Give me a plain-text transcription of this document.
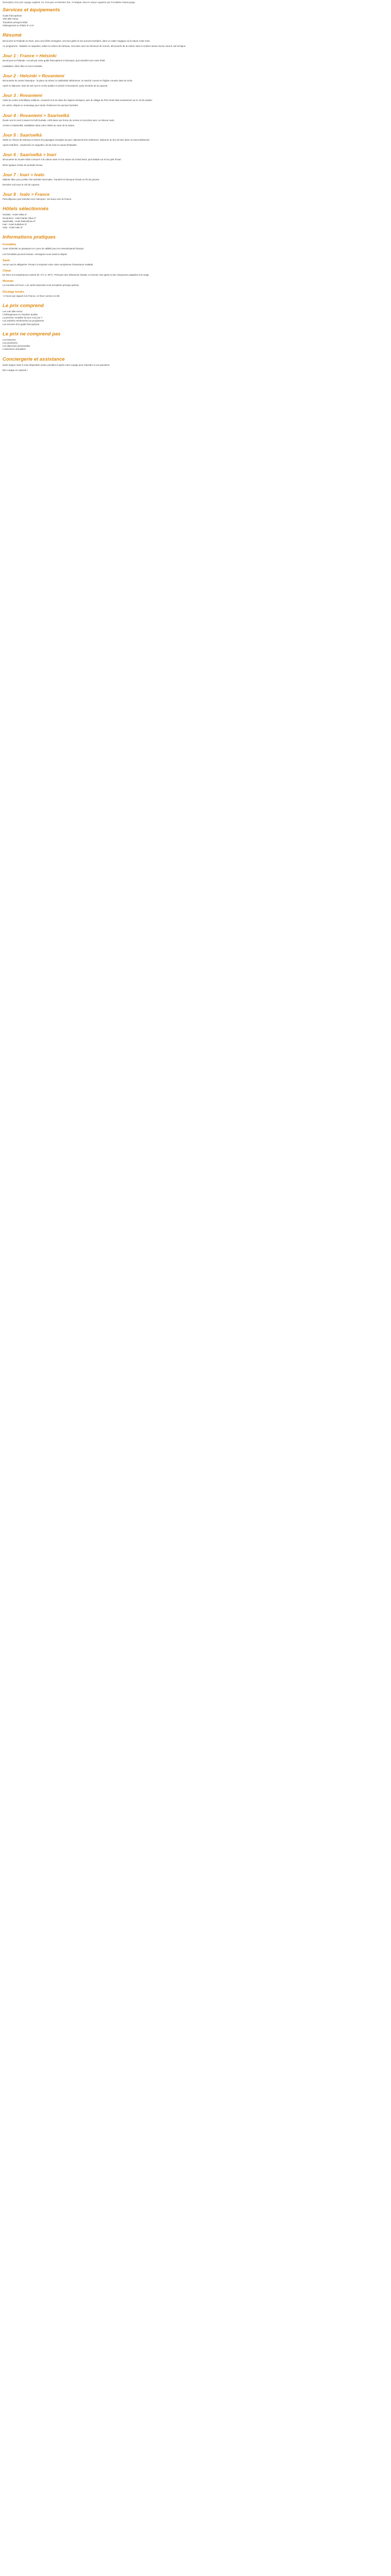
Description d'un jour-voyage Lapland. Ce n'est pas un itinéraire fixe, il s'adapte selon le séjour organisé par Formalités-Claravoyage.

Services et équipements

Guide francophone

Vols aller-retour

Transferts aéroport-hôtel

Hébergement en hôtels 3* et 4*

Résumé

Découvrez la Finlande en hiver, avec ses forêts enneigées, ses lacs gelés et ses aurores boréales, dans un cadre magique où la nature reste reine.

Au programme : balades en raquettes, safari en chiens de traîneau, rencontre avec les éleveurs de rennes, découverte de la culture sami et soirées autour du feu sous le ciel arctique.

Jour 1 : France > Helsinki

Envol pour la Finlande. Accueil par votre guide francophone à l'aéroport, puis transfert vers votre hôtel.

Installation, dîner libre et nuit à Helsinki.

Jour 2 : Helsinki > Rovaniemi

Découverte du centre historique : la place du Sénat, la cathédrale luthérienne, le marché couvert et l'église creusée dans la roche.

Après le déjeuner, train de nuit vers le cercle polaire et arrivée à Rovaniemi, porte d'entrée de la Laponie.

Jour 3 : Rovaniemi

Visite du centre scientifique Arktikum, consacré à la vie dans les régions arctiques, puis du village du Père Noël situé exactement sur le cercle polaire.

En soirée, départ en motoneige pour tenter d'observer les aurores boréales.

Jour 4 : Rovaniemi > Saariselkä

Route vers le nord à travers la forêt boréale. Arrêt dans une ferme de rennes et rencontre avec un éleveur sami.

Arrivée à Saariselkä, installation dans votre chalet au cœur de la nature.

Jour 5 : Saariselkä

Safari en chiens de traîneau à travers les paysages enneigés du parc national d'Urho Kekkonen. Déjeuner au feu de bois dans un kota traditionnel.

Après-midi libre : randonnée en raquettes, ski de fond ou sauna finlandais.

Jour 6 : Saariselkä > Inari

Découverte du musée Siida consacré à la culture sami et à la nature du Grand Nord, puis balade sur le lac gelé d'Inari.

Dîner typique à base de produits locaux.

Jour 7 : Inari > Ivalo

Matinée libre pour profiter des activités hivernales. Transfert à l'aéroport d'Ivalo en fin de journée.

Dernière nuit sous le ciel de Laponie.

Jour 8 : Ivalo > France

Petit-déjeuner puis transfert vers l'aéroport. Vol retour vers la France.

Hôtels sélectionnés

Helsinki : Hotel Helka 3*

Rovaniemi : Hotel Santa Claus 4*

Saariselkä : Hotel Riekonlinna 3*

Inari : Hotel Kultahovi 3*

Ivalo : Hotel Ivalo 3*

Informations pratiques
Formalités

Carte d'identité ou passeport en cours de validité pour les ressortissants français.

Les formalités peuvent évoluer, renseignez-vous avant le départ.

Santé

Aucun vaccin obligatoire. Pensez à emporter votre carte européenne d'assurance maladie.

Climat

En hiver, les températures varient de -5°C à -30°C. Prévoyez des vêtements chauds, un bonnet, des gants et des chaussures adaptées à la neige.

Monnaie

La monnaie est l'euro. Les cartes bancaires sont acceptées presque partout.

Décalage horaire

+1 heure par rapport à la France, en hiver comme en été.

Le prix comprend

Les vols aller-retour

L'hébergement en chambre double

La pension complète du jour 2 au jour 7

Les activités mentionnées au programme

Les services d'un guide francophone

Le prix ne comprend pas

Les boissons

Les pourboires

Les dépenses personnelles

L'assurance annulation

Conciergerie et assistance

Notre équipe reste à votre disposition avant, pendant et après votre voyage pour répondre à vos questions.

Bon voyage en Laponie !
